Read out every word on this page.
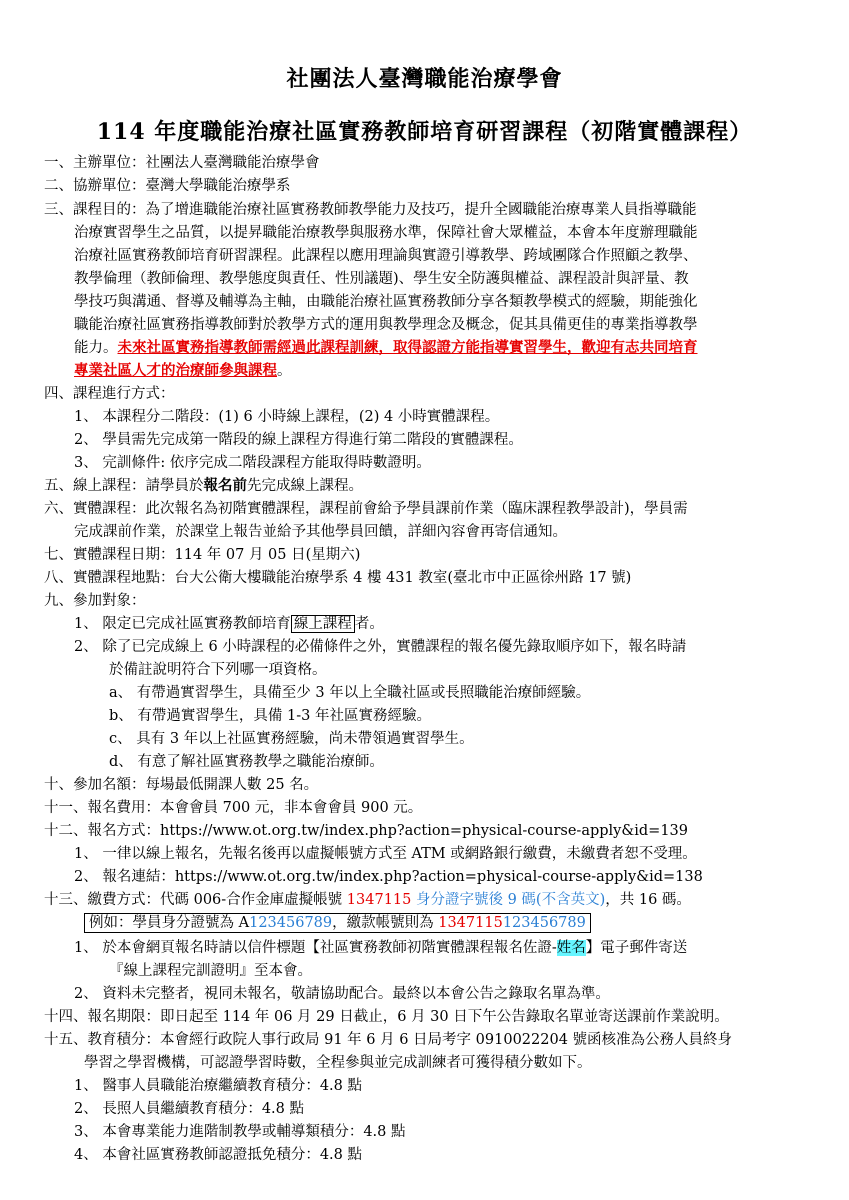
社團法人臺灣職能治療學會
114 年度職能治療社區實務教師培育研習課程（初階實體課程）
一、主辦單位：社團法人臺灣職能治療學會
二、協辦單位：臺灣大學職能治療學系
三、課程目的：為了增進職能治療社區實務教師教學能力及技巧，提升全國職能治療專業人員指導職能
治療實習學生之品質，以提昇職能治療教學與服務水準，保障社會大眾權益，本會本年度辦理職能
治療社區實務教師培育研習課程。此課程以應用理論與實證引導教學、跨域團隊合作照顧之教學、
教學倫理（教師倫理、教學態度與責任、性別議題)、學生安全防護與權益、課程設計與評量、教
學技巧與溝通、督導及輔導為主軸，由職能治療社區實務教師分享各類教學模式的經驗，期能強化
職能治療社區實務指導教師對於教學方式的運用與教學理念及概念，促其具備更佳的專業指導教學
能力。未來社區實務指導教師需經過此課程訓練，取得認證方能指導實習學生，歡迎有志共同培育
專業社區人才的治療師參與課程。
四、課程進行方式：
1、 本課程分二階段：(1) 6 小時線上課程，(2) 4 小時實體課程。
2、 學員需先完成第一階段的線上課程方得進行第二階段的實體課程。
3、 完訓條件: 依序完成二階段課程方能取得時數證明。
五、線上課程：請學員於報名前先完成線上課程。
六、實體課程：此次報名為初階實體課程，課程前會給予學員課前作業（臨床課程教學設計)，學員需
完成課前作業，於課堂上報告並給予其他學員回饋，詳細內容會再寄信通知。
七、實體課程日期：114 年 07 月 05 日(星期六)
八、實體課程地點：台大公衛大樓職能治療學系 4 樓 431 教室(臺北市中正區徐州路 17 號)
九、參加對象：
1、 限定已完成社區實務教師培育 線上課程 者。
2、 除了已完成線上 6 小時課程的必備條件之外，實體課程的報名優先錄取順序如下，報名時請
於備註說明符合下列哪一項資格。
a、 有帶過實習學生，具備至少 3 年以上全職社區或長照職能治療師經驗。
b、 有帶過實習學生，具備 1-3 年社區實務經驗。
c、 具有 3 年以上社區實務經驗，尚未帶領過實習學生。
d、 有意了解社區實務教學之職能治療師。
十、參加名額：每場最低開課人數 25 名。
十一、報名費用：本會會員 700 元，非本會會員 900 元。
十二、報名方式：https://www.ot.org.tw/index.php?action=physical-course-apply&id=139
1、 一律以線上報名，先報名後再以虛擬帳號方式至 ATM 或網路銀行繳費，未繳費者恕不受理。
2、 報名連結：https://www.ot.org.tw/index.php?action=physical-course-apply&id=138
十三、繳費方式：代碼 006-合作金庫虛擬帳號 1347115 身分證字號後 9 碼(不含英文)，共 16 碼。
例如：學員身分證號為 A123456789，繳款帳號則為 1347115123456789
1、 於本會網頁報名時請以信件標題【社區實務教師初階實體課程報名佐證-姓名】電子郵件寄送
『線上課程完訓證明』至本會。
2、 資料未完整者，視同未報名，敬請協助配合。最終以本會公告之錄取名單為準。
十四、報名期限：即日起至 114 年 06 月 29 日截止，6 月 30 日下午公告錄取名單並寄送課前作業說明。
十五、教育積分：本會經行政院人事行政局 91 年 6 月 6 日局考字 0910022204 號函核准為公務人員終身
學習之學習機構，可認證學習時數，全程參與並完成訓練者可獲得積分數如下。
1、 醫事人員職能治療繼續教育積分：4.8 點
2、 長照人員繼續教育積分：4.8 點
3、 本會專業能力進階制教學或輔導類積分：4.8 點
4、 本會社區實務教師認證抵免積分：4.8 點
